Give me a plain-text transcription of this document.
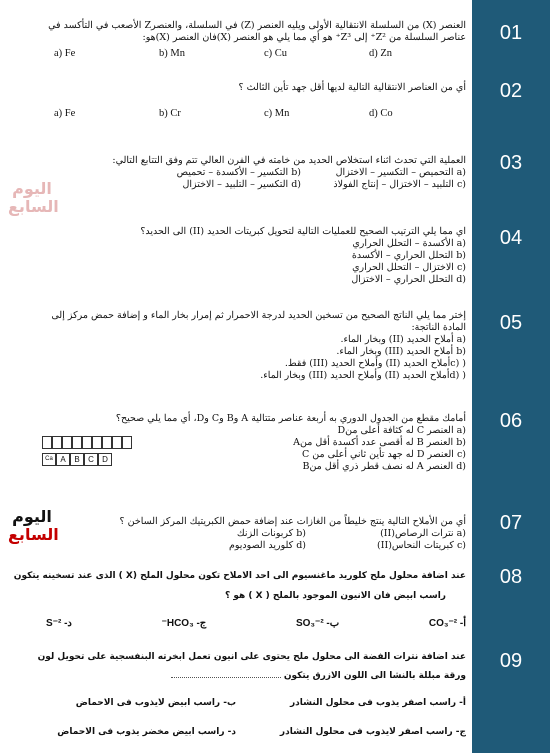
01
02
03
04
05
06
07
08
09

العنصر (X) من السلسلة الانتقالية الأولى ويليه العنصر (Z) في السلسلة، والعنصرZ الأصعب في التأكسد في

عناصر السلسلة من Z²⁺ إلى Z³⁺ هو أي مما يلي هو العنصر (X)فان العنصر (X)هو:

a) Fe	b) Mn	c) Cu	d) Zn

أي من العناصر الانتقالية التالية لديها أقل جهد تأين الثالث ؟

a) Fe	b) Cr	c) Mn	d) Co

العملية التي تحدث اثناء استخلاص الحديد من خامته في الفرن العالي تتم وفق التتابع التالي:

(a التحميص – التكسير – الاختزال
(b التكسير – الأكسدة – تحميص
(c التلبيد – الاختزال – إنتاج الفولاذ
(d التكسير – التلبيد – الاختزال

اي مما يلي الترتيب الصحيح للعمليات التالية لتحويل كبريتات الحديد (II) الى الحديد؟

(a الأكسدة – التحلل الحراري

(b التحلل الحراري – الأكسدة

(c الاختزال – التحلل الحراري

(d التحلل الحراري – الاختزال

إختر مما يلي الناتج الصحيح من تسخين الحديد لدرجة الاحمرار ثم إمرار بخار الماء و إضافة حمض مركز إلى

المادة الناتجة:

(a أملاح الحديد (II) وبخار الماء.

(b أملاح الحديد (III) وبخار الماء.

( (cأملاح الحديد (II) وأملاح الحديد (III) فقط.

( (dأملاح الحديد (II) وأملاح الحديد (III) وبخار الماء.

أمامك مقطع من الجدول الدوري به أربعة عناصر متتالية A وB وC وD، أي مما يلي صحيح؟

(a العنصر C له كثافة أعلى منD

(b العنصر B له أقصى عدد أكسدة أقل منA

(c العنصر D له جهد تأين ثاني أعلى من C

(d العنصر A له نصف قطر ذري أقل منB

Ca A	B	C	D

أي من الأملاح التالية ينتج خليطاً من الغازات عند إضافة حمض الكبريتيك المركز الساخن ؟

(a نترات الرصاص(II)
(b كربونات الزنك
(c كبريتات النحاس(II)
(d كلوريد الصوديوم

عند اضافة محلول ملح كلوريد ماغنسيوم الى احد الاملاح تكون محلول الملح (X ) الذى عند تسخينه يتكون

راسب ابيض فان الانيون الموجود بالملح ( X ) هو ؟

أ- CO₃⁻²
ب- SO₃⁻²
ج- HCO₃⁻
د- S⁻²

عند اضافة نترات الفضة الى محلول ملح يحتوى على انيون تعمل ابخرته البنفسجية على تحويل لون

ورقة مبللة بالنشا الى اللون الازرق يتكون

أ- راسب اصفر يذوب فى محلول النشادر
ب- راسب ابيض لايذوب فى الاحماض
ج- راسب اصفر لايذوب فى محلول النشادر
د- راسب ابيض مخضر يذوب فى الاحماض
اليوم
السابع
اليوم
السابع
